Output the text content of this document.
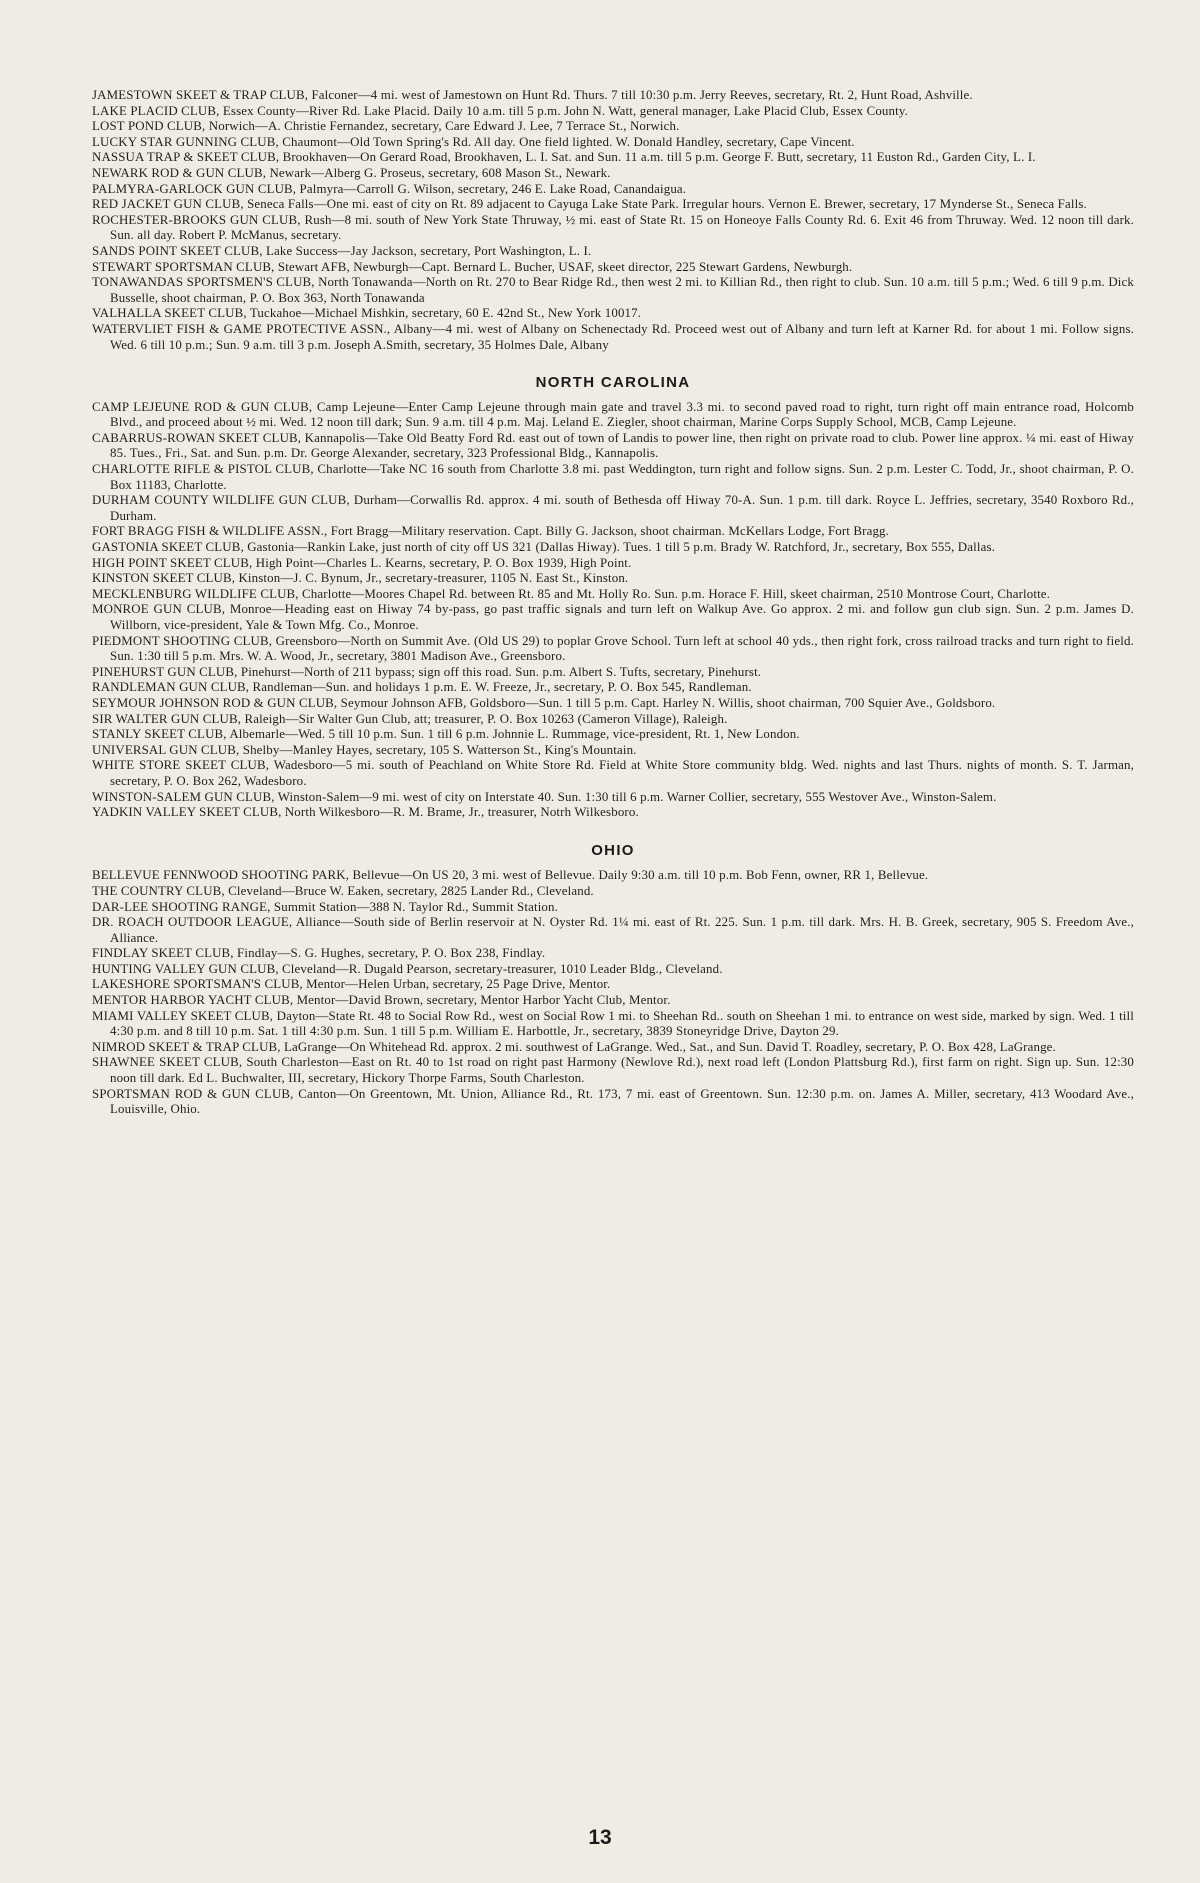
JAMESTOWN SKEET & TRAP CLUB, Falconer—4 mi. west of Jamestown on Hunt Rd. Thurs. 7 till 10:30 p.m. Jerry Reeves, secretary, Rt. 2, Hunt Road, Ashville.

LAKE PLACID CLUB, Essex County—River Rd. Lake Placid. Daily 10 a.m. till 5 p.m. John N. Watt, general manager, Lake Placid Club, Essex County.

LOST POND CLUB, Norwich—A. Christie Fernandez, secretary, Care Edward J. Lee, 7 Terrace St., Norwich.

LUCKY STAR GUNNING CLUB, Chaumont—Old Town Spring's Rd. All day. One field lighted. W. Donald Handley, secretary, Cape Vincent.

NASSUA TRAP & SKEET CLUB, Brookhaven—On Gerard Road, Brookhaven, L. I. Sat. and Sun. 11 a.m. till 5 p.m. George F. Butt, secretary, 11 Euston Rd., Garden City, L. I.

NEWARK ROD & GUN CLUB, Newark—Alberg G. Proseus, secretary, 608 Mason St., Newark.

PALMYRA-GARLOCK GUN CLUB, Palmyra—Carroll G. Wilson, secretary, 246 E. Lake Road, Canandaigua.

RED JACKET GUN CLUB, Seneca Falls—One mi. east of city on Rt. 89 adjacent to Cayuga Lake State Park. Irregular hours. Vernon E. Brewer, secretary, 17 Mynderse St., Seneca Falls.

ROCHESTER-BROOKS GUN CLUB, Rush—8 mi. south of New York State Thruway, ½ mi. east of State Rt. 15 on Honeoye Falls County Rd. 6. Exit 46 from Thruway. Wed. 12 noon till dark. Sun. all day. Robert P. McManus, secretary.

SANDS POINT SKEET CLUB, Lake Success—Jay Jackson, secretary, Port Washington, L. I.

STEWART SPORTSMAN CLUB, Stewart AFB, Newburgh—Capt. Bernard L. Bucher, USAF, skeet director, 225 Stewart Gardens, Newburgh.

TONAWANDAS SPORTSMEN'S CLUB, North Tonawanda—North on Rt. 270 to Bear Ridge Rd., then west 2 mi. to Killian Rd., then right to club. Sun. 10 a.m. till 5 p.m.; Wed. 6 till 9 p.m. Dick Busselle, shoot chairman, P. O. Box 363, North Tonawanda

VALHALLA SKEET CLUB, Tuckahoe—Michael Mishkin, secretary, 60 E. 42nd St., New York 10017.

WATERVLIET FISH & GAME PROTECTIVE ASSN., Albany—4 mi. west of Albany on Schenectady Rd. Proceed west out of Albany and turn left at Karner Rd. for about 1 mi. Follow signs. Wed. 6 till 10 p.m.; Sun. 9 a.m. till 3 p.m. Joseph A.Smith, secretary, 35 Holmes Dale, Albany

NORTH CAROLINA

CAMP LEJEUNE ROD & GUN CLUB, Camp Lejeune—Enter Camp Lejeune through main gate and travel 3.3 mi. to second paved road to right, turn right off main entrance road, Holcomb Blvd., and proceed about ½ mi. Wed. 12 noon till dark; Sun. 9 a.m. till 4 p.m. Maj. Leland E. Ziegler, shoot chairman, Marine Corps Supply School, MCB, Camp Lejeune.

CABARRUS-ROWAN SKEET CLUB, Kannapolis—Take Old Beatty Ford Rd. east out of town of Landis to power line, then right on private road to club. Power line approx. ¼ mi. east of Hiway 85. Tues., Fri., Sat. and Sun. p.m. Dr. George Alexander, secretary, 323 Professional Bldg., Kannapolis.

CHARLOTTE RIFLE & PISTOL CLUB, Charlotte—Take NC 16 south from Charlotte 3.8 mi. past Weddington, turn right and follow signs. Sun. 2 p.m. Lester C. Todd, Jr., shoot chairman, P. O. Box 11183, Charlotte.

DURHAM COUNTY WILDLIFE GUN CLUB, Durham—Corwallis Rd. approx. 4 mi. south of Bethesda off Hiway 70-A. Sun. 1 p.m. till dark. Royce L. Jeffries, secretary, 3540 Roxboro Rd., Durham.

FORT BRAGG FISH & WILDLIFE ASSN., Fort Bragg—Military reservation. Capt. Billy G. Jackson, shoot chairman. McKellars Lodge, Fort Bragg.

GASTONIA SKEET CLUB, Gastonia—Rankin Lake, just north of city off US 321 (Dallas Hiway). Tues. 1 till 5 p.m. Brady W. Ratchford, Jr., secretary, Box 555, Dallas.

HIGH POINT SKEET CLUB, High Point—Charles L. Kearns, secretary, P. O. Box 1939, High Point.

KINSTON SKEET CLUB, Kinston—J. C. Bynum, Jr., secretary-treasurer, 1105 N. East St., Kinston.

MECKLENBURG WILDLIFE CLUB, Charlotte—Moores Chapel Rd. between Rt. 85 and Mt. Holly Ro. Sun. p.m. Horace F. Hill, skeet chairman, 2510 Montrose Court, Charlotte.

MONROE GUN CLUB, Monroe—Heading east on Hiway 74 by-pass, go past traffic signals and turn left on Walkup Ave. Go approx. 2 mi. and follow gun club sign. Sun. 2 p.m. James D. Willborn, vice-president, Yale & Town Mfg. Co., Monroe.

PIEDMONT SHOOTING CLUB, Greensboro—North on Summit Ave. (Old US 29) to poplar Grove School. Turn left at school 40 yds., then right fork, cross railroad tracks and turn right to field. Sun. 1:30 till 5 p.m. Mrs. W. A. Wood, Jr., secretary, 3801 Madison Ave., Greensboro.

PINEHURST GUN CLUB, Pinehurst—North of 211 bypass; sign off this road. Sun. p.m. Albert S. Tufts, secretary, Pinehurst.

RANDLEMAN GUN CLUB, Randleman—Sun. and holidays 1 p.m. E. W. Freeze, Jr., secretary, P. O. Box 545, Randleman.

SEYMOUR JOHNSON ROD & GUN CLUB, Seymour Johnson AFB, Goldsboro—Sun. 1 till 5 p.m. Capt. Harley N. Willis, shoot chairman, 700 Squier Ave., Goldsboro.

SIR WALTER GUN CLUB, Raleigh—Sir Walter Gun Club, att; treasurer, P. O. Box 10263 (Cameron Village), Raleigh.

STANLY SKEET CLUB, Albemarle—Wed. 5 till 10 p.m. Sun. 1 till 6 p.m. Johnnie L. Rummage, vice-president, Rt. 1, New London.

UNIVERSAL GUN CLUB, Shelby—Manley Hayes, secretary, 105 S. Watterson St., King's Mountain.

WHITE STORE SKEET CLUB, Wadesboro—5 mi. south of Peachland on White Store Rd. Field at White Store community bldg. Wed. nights and last Thurs. nights of month. S. T. Jarman, secretary, P. O. Box 262, Wadesboro.

WINSTON-SALEM GUN CLUB, Winston-Salem—9 mi. west of city on Interstate 40. Sun. 1:30 till 6 p.m. Warner Collier, secretary, 555 Westover Ave., Winston-Salem.

YADKIN VALLEY SKEET CLUB, North Wilkesboro—R. M. Brame, Jr., treasurer, Notrh Wilkesboro.

OHIO

BELLEVUE FENNWOOD SHOOTING PARK, Bellevue—On US 20, 3 mi. west of Bellevue. Daily 9:30 a.m. till 10 p.m. Bob Fenn, owner, RR 1, Bellevue.

THE COUNTRY CLUB, Cleveland—Bruce W. Eaken, secretary, 2825 Lander Rd., Cleveland.

DAR-LEE SHOOTING RANGE, Summit Station—388 N. Taylor Rd., Summit Station.

DR. ROACH OUTDOOR LEAGUE, Alliance—South side of Berlin reservoir at N. Oyster Rd. 1¼ mi. east of Rt. 225. Sun. 1 p.m. till dark. Mrs. H. B. Greek, secretary, 905 S. Freedom Ave., Alliance.

FINDLAY SKEET CLUB, Findlay—S. G. Hughes, secretary, P. O. Box 238, Findlay.

HUNTING VALLEY GUN CLUB, Cleveland—R. Dugald Pearson, secretary-treasurer, 1010 Leader Bldg., Cleveland.

LAKESHORE SPORTSMAN'S CLUB, Mentor—Helen Urban, secretary, 25 Page Drive, Mentor.

MENTOR HARBOR YACHT CLUB, Mentor—David Brown, secretary, Mentor Harbor Yacht Club, Mentor.

MIAMI VALLEY SKEET CLUB, Dayton—State Rt. 48 to Social Row Rd., west on Social Row 1 mi. to Sheehan Rd.. south on Sheehan 1 mi. to entrance on west side, marked by sign. Wed. 1 till 4:30 p.m. and 8 till 10 p.m. Sat. 1 till 4:30 p.m. Sun. 1 till 5 p.m. William E. Harbottle, Jr., secretary, 3839 Stoneyridge Drive, Dayton 29.

NIMROD SKEET & TRAP CLUB, LaGrange—On Whitehead Rd. approx. 2 mi. southwest of LaGrange. Wed., Sat., and Sun. David T. Roadley, secretary, P. O. Box 428, LaGrange.

SHAWNEE SKEET CLUB, South Charleston—East on Rt. 40 to 1st road on right past Harmony (Newlove Rd.), next road left (London Plattsburg Rd.), first farm on right. Sign up. Sun. 12:30 noon till dark. Ed L. Buchwalter, III, secretary, Hickory Thorpe Farms, South Charleston.

SPORTSMAN ROD & GUN CLUB, Canton—On Greentown, Mt. Union, Alliance Rd., Rt. 173, 7 mi. east of Greentown. Sun. 12:30 p.m. on. James A. Miller, secretary, 413 Woodard Ave., Louisville, Ohio.

13
